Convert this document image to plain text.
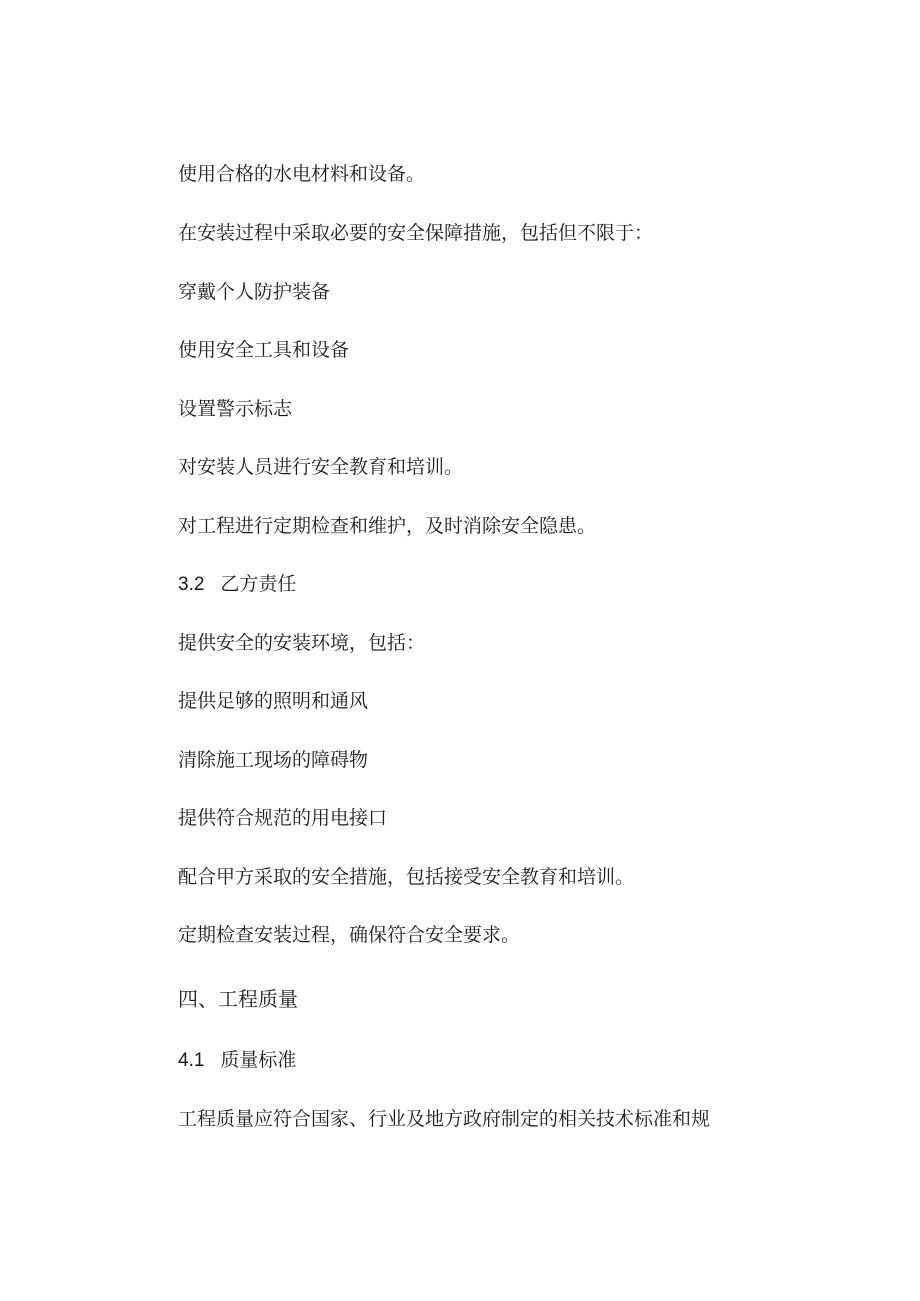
使用合格的水电材料和设备。
在安装过程中采取必要的安全保障措施，包括但不限于：
穿戴个人防护装备
使用安全工具和设备
设置警示标志
对安装人员进行安全教育和培训。
对工程进行定期检查和维护，及时消除安全隐患。
3.2 乙方责任
提供安全的安装环境，包括：
提供足够的照明和通风
清除施工现场的障碍物
提供符合规范的用电接口
配合甲方采取的安全措施，包括接受安全教育和培训。
定期检查安装过程，确保符合安全要求。
四、工程质量
4.1 质量标准
工程质量应符合国家、行业及地方政府制定的相关技术标准和规
